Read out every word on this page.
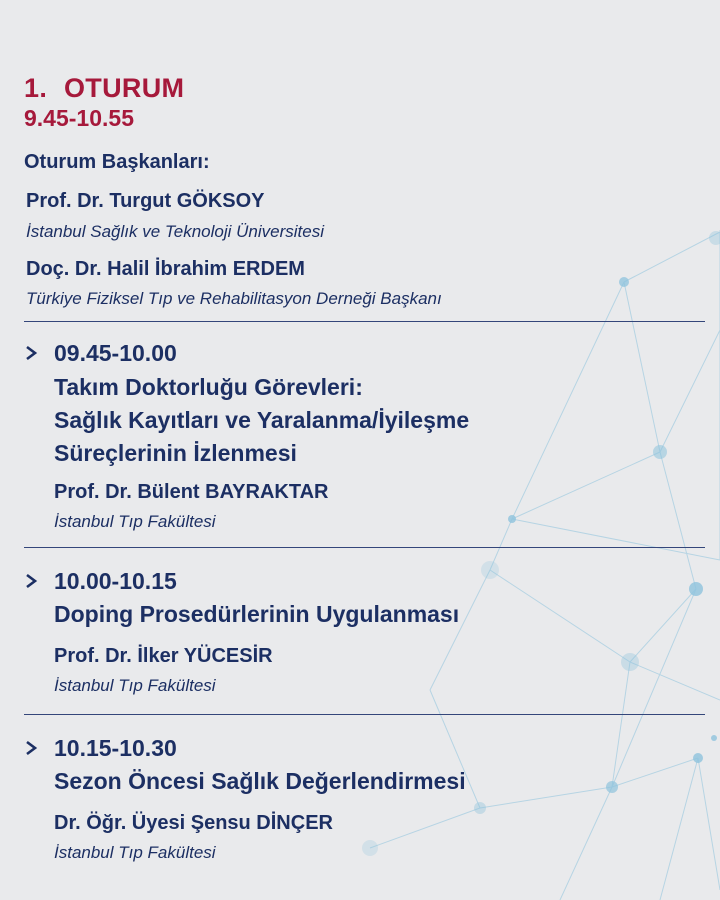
1. OTURUM
9.45-10.55
Oturum Başkanları:
Prof. Dr. Turgut GÖKSOY
İstanbul Sağlık ve Teknoloji Üniversitesi
Doç. Dr. Halil İbrahim ERDEM
Türkiye Fiziksel Tıp ve Rehabilitasyon Derneği Başkanı
09.45-10.00
Takım Doktorluğu Görevleri:
Sağlık Kayıtları ve Yaralanma/İyileşme
Süreçlerinin İzlenmesi
Prof. Dr. Bülent BAYRAKTAR
İstanbul Tıp Fakültesi
10.00-10.15
Doping Prosedürlerinin Uygulanması
Prof. Dr. İlker YÜCESİR
İstanbul Tıp Fakültesi
10.15-10.30
Sezon Öncesi Sağlık Değerlendirmesi
Dr. Öğr. Üyesi Şensu DİNÇER
İstanbul Tıp Fakültesi
